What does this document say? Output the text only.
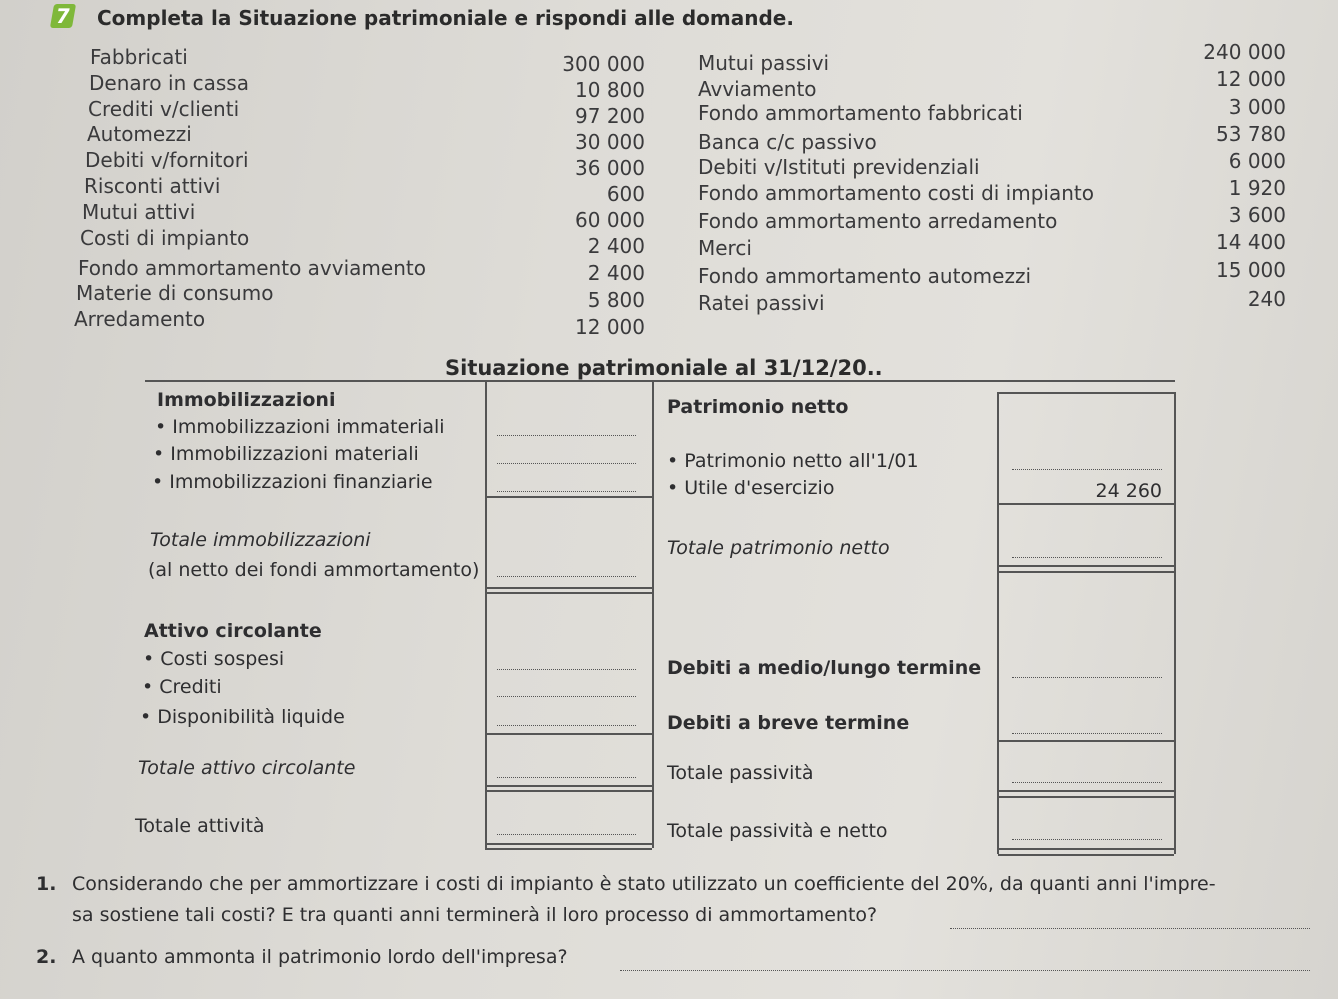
7 Completa la Situazione patrimoniale e rispondi alle domande.
Fabbricati	300 000
Denaro in cassa	10 800
Crediti v/clienti	97 200
Automezzi	30 000
Debiti v/fornitori	36 000
Risconti attivi	600
Mutui attivi	60 000
Costi di impianto	2 400
Fondo ammortamento avviamento	2 400
Materie di consumo	5 800
Arredamento	12 000
Mutui passivi	240 000
Avviamento	12 000
Fondo ammortamento fabbricati	3 000
Banca c/c passivo	53 780
Debiti v/Istituti previdenziali	6 000
Fondo ammortamento costi di impianto	1 920
Fondo ammortamento arredamento	3 600
Merci	14 400
Fondo ammortamento automezzi	15 000
Ratei passivi	240
Situazione patrimoniale al 31/12/20..
Immobilizzazioni
• Immobilizzazioni immateriali
• Immobilizzazioni materiali
• Immobilizzazioni finanziarie
Totale immobilizzazioni
(al netto dei fondi ammortamento)
Attivo circolante
• Costi sospesi
• Crediti
• Disponibilità liquide
Totale attivo circolante
Totale attività
Patrimonio netto
• Patrimonio netto all'1/01
• Utile d'esercizio	24 260
Totale patrimonio netto
Debiti a medio/lungo termine
Debiti a breve termine
Totale passività
Totale passività e netto
1. Considerando che per ammortizzare i costi di impianto è stato utilizzato un coefficiente del 20%, da quanti anni l'impre-
sa sostiene tali costi? E tra quanti anni terminerà il loro processo di ammortamento?
2. A quanto ammonta il patrimonio lordo dell'impresa?
